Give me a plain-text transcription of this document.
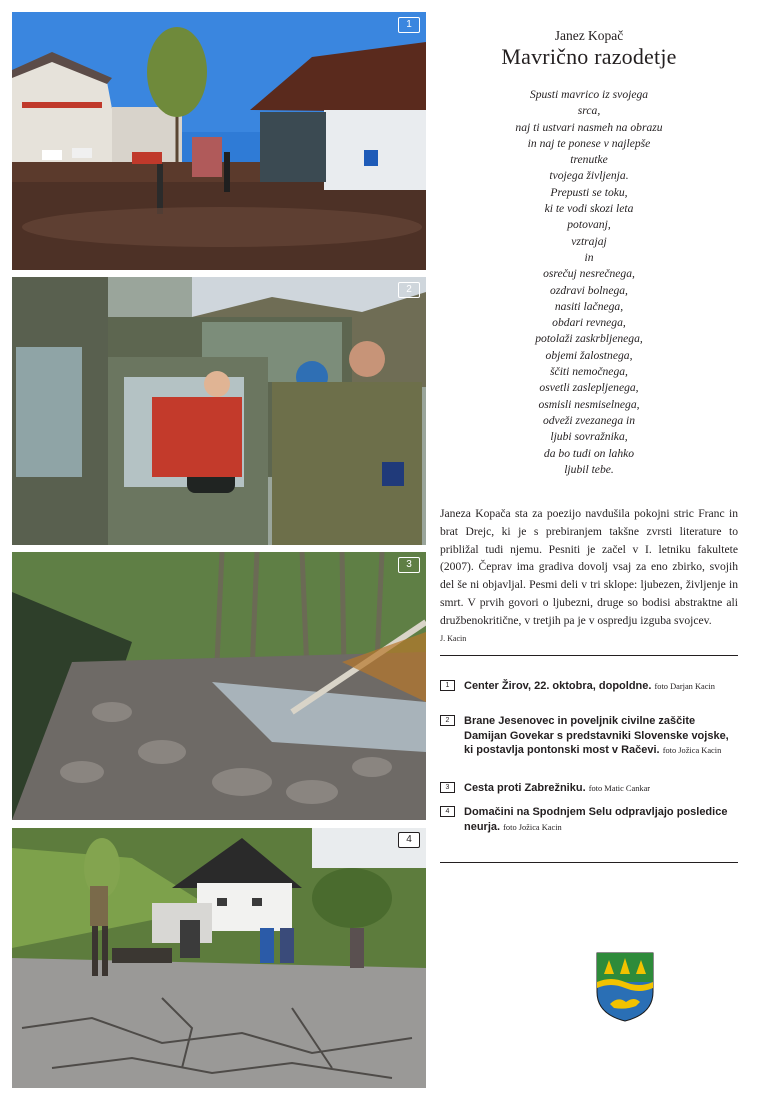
1
2
3
4
Janez Kopač
Mavrično razodetje
Spusti mavrico iz svojega
srca,
naj ti ustvari nasmeh na obrazu
in naj te ponese v najlepše
trenutke
tvojega življenja.
Prepusti se toku,
ki te vodi skozi leta
potovanj,
vztrajaj
in
osrečuj nesrečnega,
ozdravi bolnega,
nasiti lačnega,
obdari revnega,
potolaži zaskrbljenega,
objemi žalostnega,
ščiti nemočnega,
osvetli zaslepljenega,
osmisli nesmiselnega,
odveži zvezanega in
ljubi sovražnika,
da bo tudi on lahko
ljubil tebe.
Janeza Kopača sta za poezijo navdušila pokojni stric Franc in brat Drejc, ki je s prebiranjem takšne zvrsti literature to približal tudi njemu. Pesniti je začel v I. letniku fakultete (2007). Čeprav ima gradiva dovolj vsaj za eno zbirko, svojih del še ni objavljal. Pesmi deli v tri sklope: ljubezen, življenje in smrt. V prvih govori o ljubezni, druge so bodisi abstraktne ali družbenokritične, v tretjih pa je v ospredju izguba svojcev.
J. Kacin
1	Center Žirov, 22. oktobra, dopoldne. foto Darjan Kacin
2	Brane Jesenovec in poveljnik civilne zaščite Damijan Govekar s predstavniki Slovenske vojske, ki postavlja pontonski most v Račevi. foto Jožica Kacin
3	Cesta proti Zabrežniku. foto Matic Cankar
4	Domačini na Spodnjem Selu odpravljajo posledice neurja. foto Jožica Kacin
